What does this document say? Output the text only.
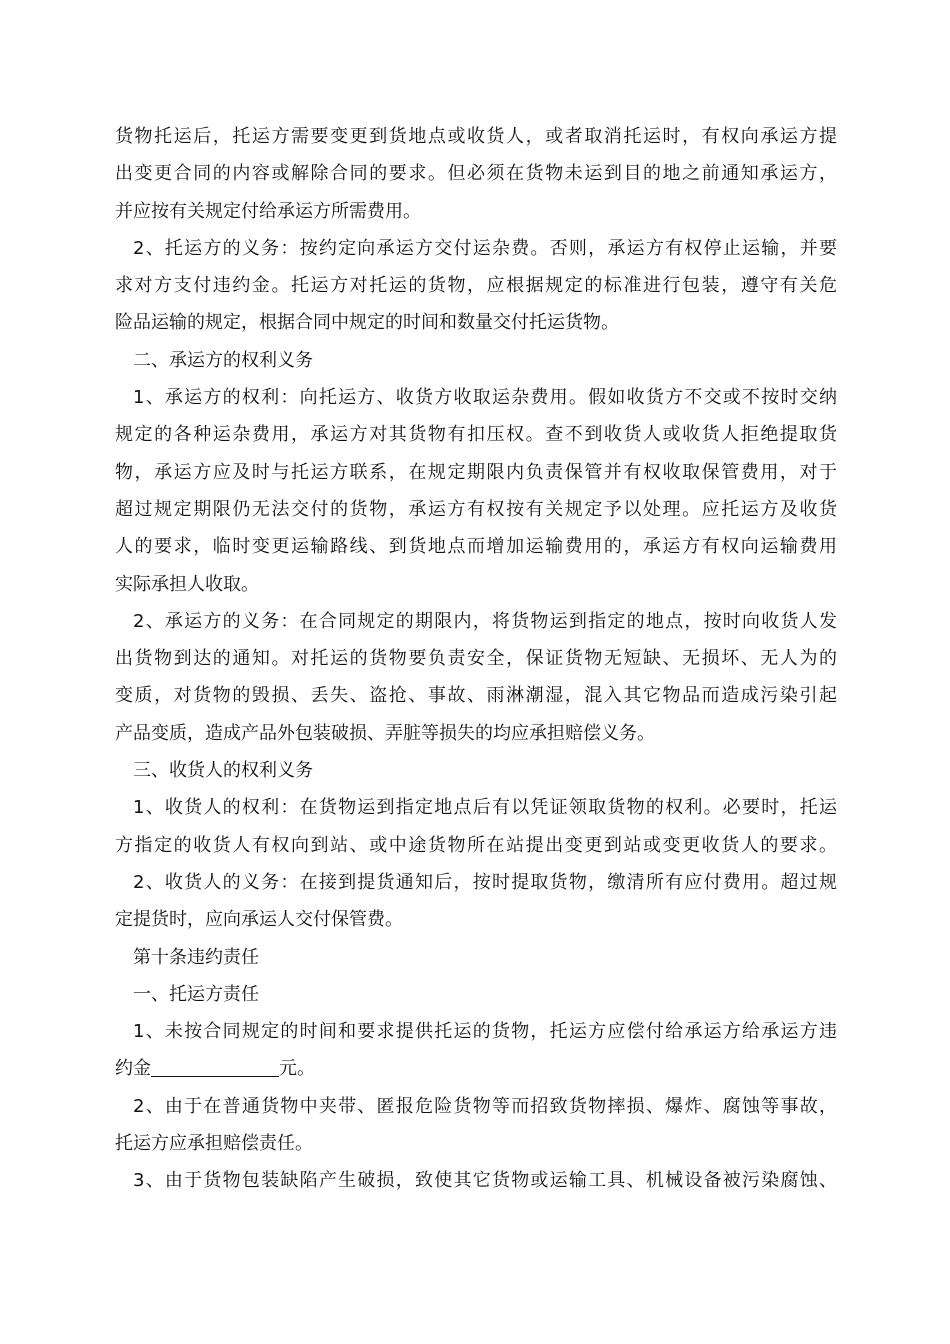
货物托运后，托运方需要变更到货地点或收货人，或者取消托运时，有权向承运方提
出变更合同的内容或解除合同的要求。但必须在货物未运到目的地之前通知承运方，
并应按有关规定付给承运方所需费用。
2、托运方的义务：按约定向承运方交付运杂费。否则，承运方有权停止运输，并要
求对方支付违约金。托运方对托运的货物，应根据规定的标准进行包装，遵守有关危
险品运输的规定，根据合同中规定的时间和数量交付托运货物。
二、承运方的权利义务
1、承运方的权利：向托运方、收货方收取运杂费用。假如收货方不交或不按时交纳
规定的各种运杂费用，承运方对其货物有扣压权。查不到收货人或收货人拒绝提取货
物，承运方应及时与托运方联系，在规定期限内负责保管并有权收取保管费用，对于
超过规定期限仍无法交付的货物，承运方有权按有关规定予以处理。应托运方及收货
人的要求，临时变更运输路线、到货地点而增加运输费用的，承运方有权向运输费用
实际承担人收取。
2、承运方的义务：在合同规定的期限内，将货物运到指定的地点，按时向收货人发
出货物到达的通知。对托运的货物要负责安全，保证货物无短缺、无损坏、无人为的
变质，对货物的毁损、丢失、盗抢、事故、雨淋潮湿，混入其它物品而造成污染引起
产品变质，造成产品外包装破损、弄脏等损失的均应承担赔偿义务。
三、收货人的权利义务
1、收货人的权利：在货物运到指定地点后有以凭证领取货物的权利。必要时，托运
方指定的收货人有权向到站、或中途货物所在站提出变更到站或变更收货人的要求。
2、收货人的义务：在接到提货通知后，按时提取货物，缴清所有应付费用。超过规
定提货时，应向承运人交付保管费。
第十条违约责任
一、托运方责任
1、未按合同规定的时间和要求提供托运的货物，托运方应偿付给承运方给承运方违
约金	元。
2、由于在普通货物中夹带、匿报危险货物等而招致货物摔损、爆炸、腐蚀等事故，
托运方应承担赔偿责任。
3、由于货物包装缺陷产生破损，致使其它货物或运输工具、机械设备被污染腐蚀、
